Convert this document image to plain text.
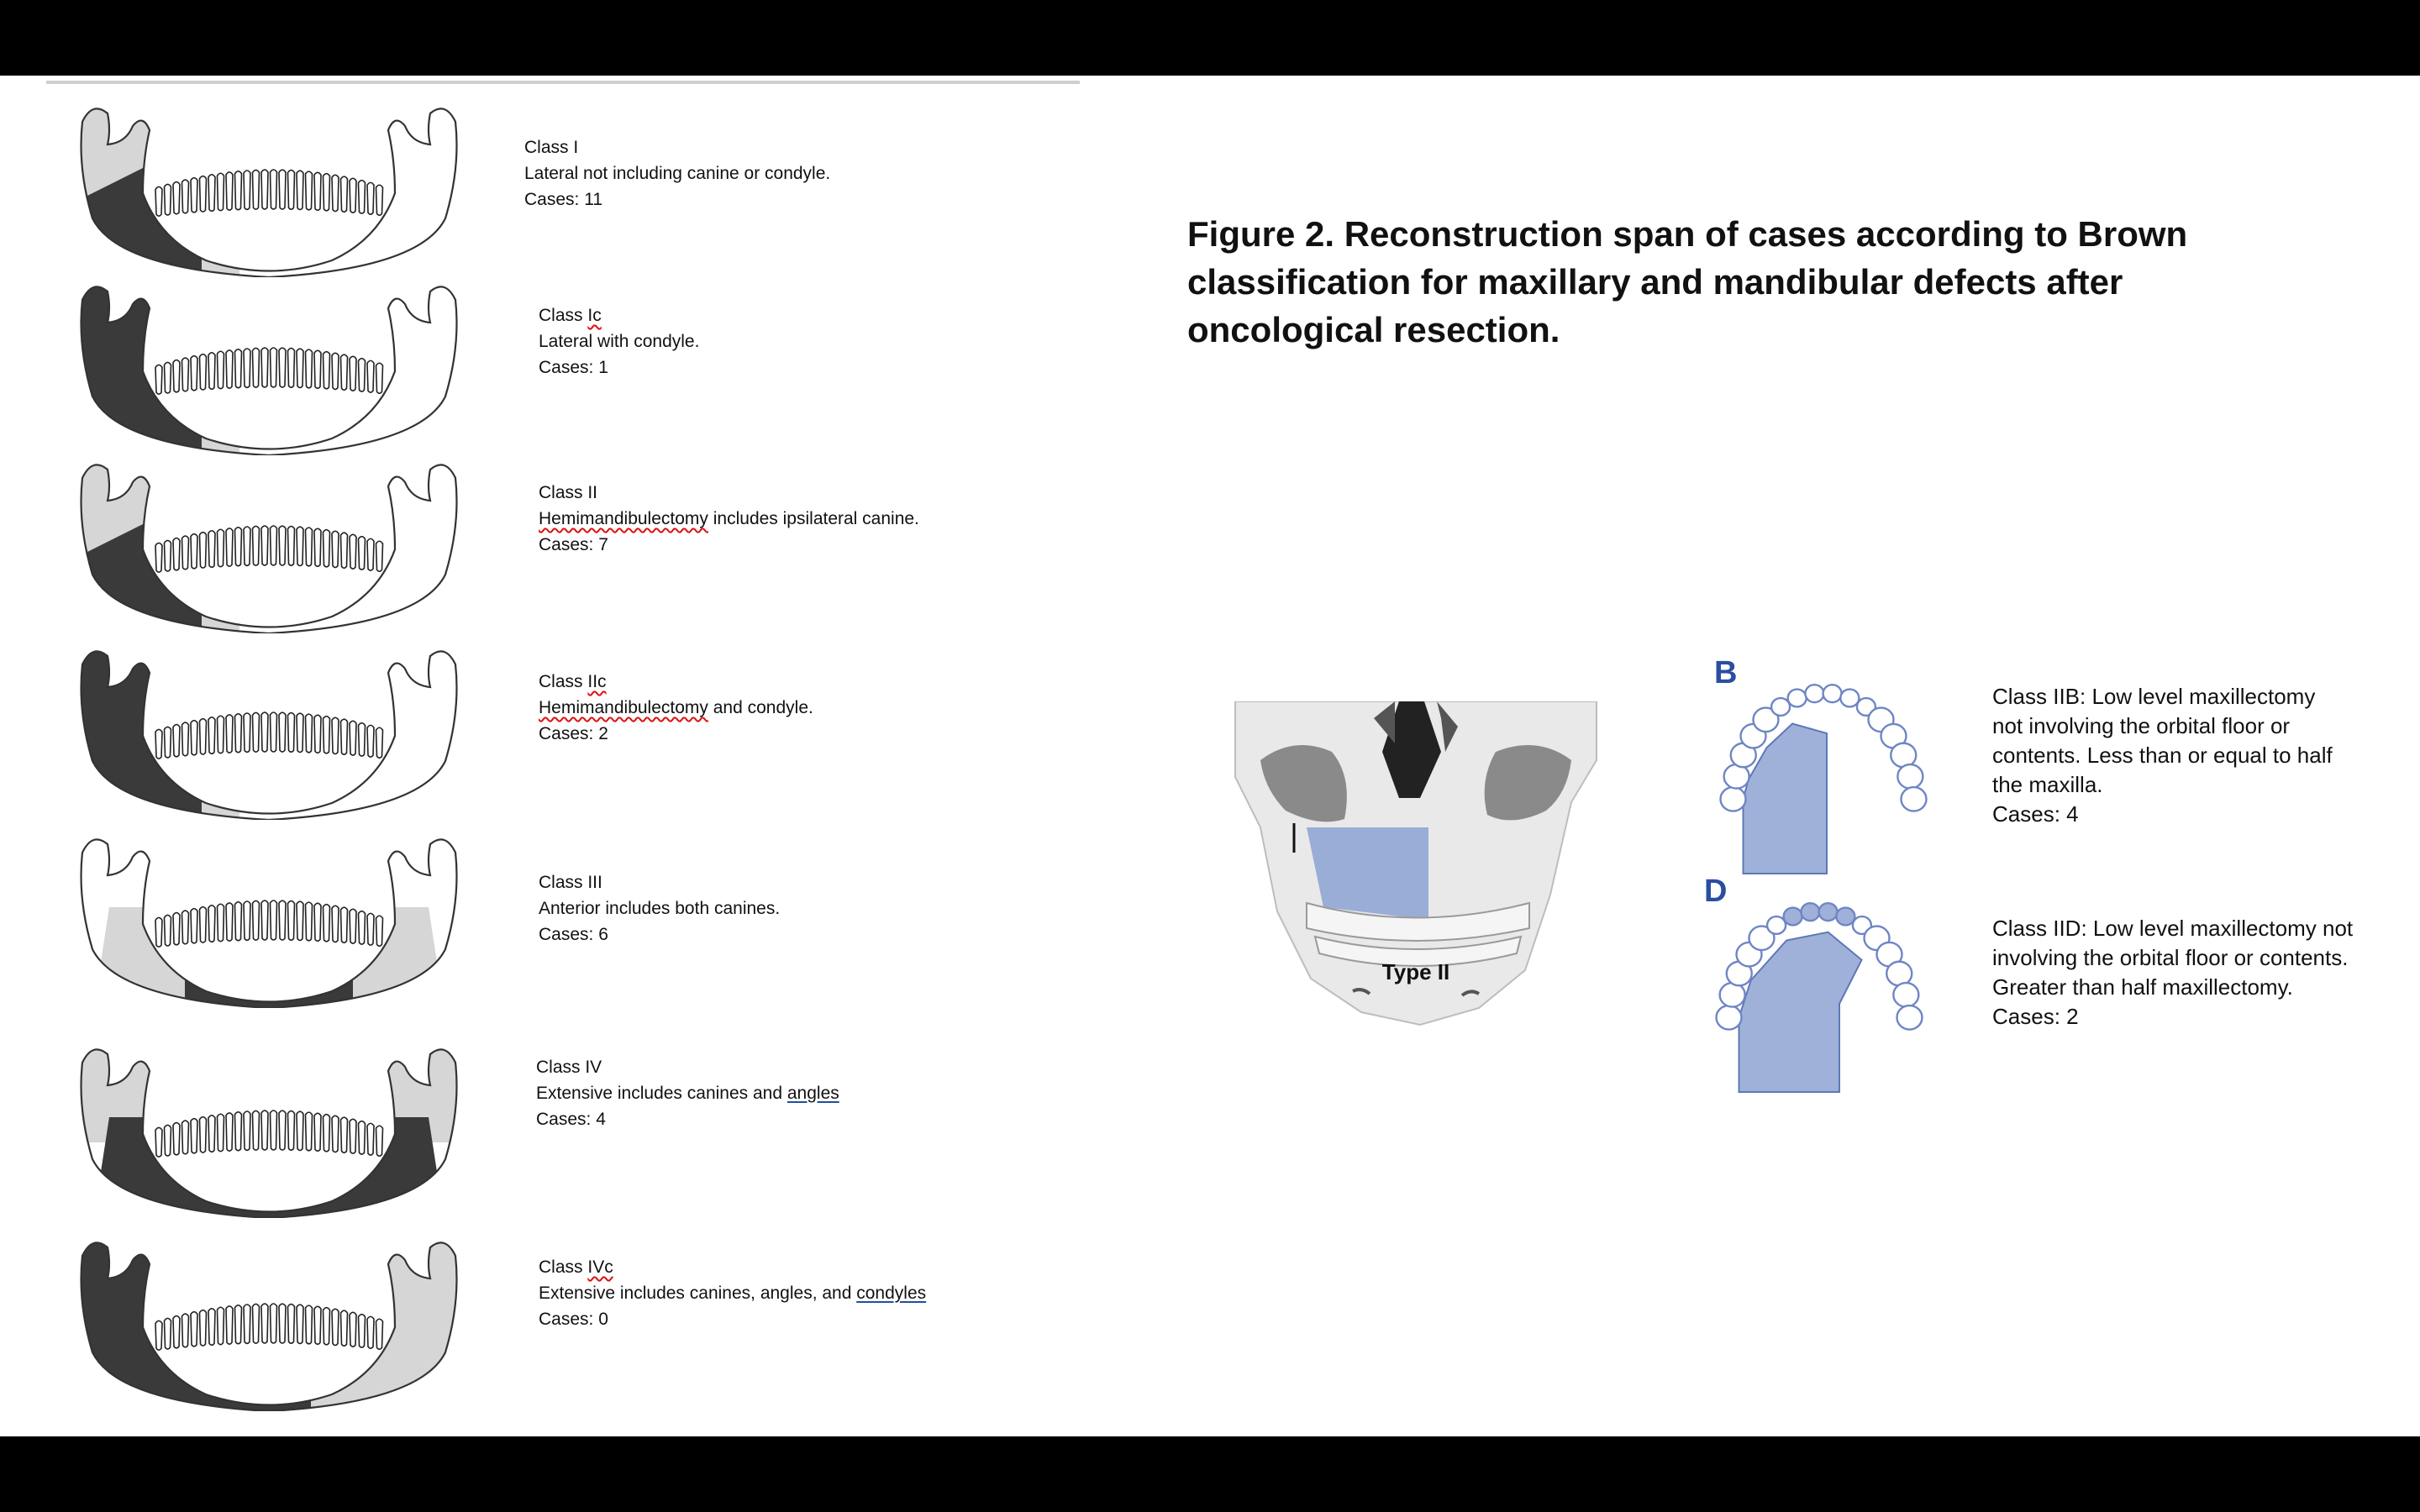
Class I
Lateral not including canine or condyle.
Cases: 11
Class Ic
Lateral with condyle.
Cases: 1
Class II
Hemimandibulectomy includes ipsilateral canine.
Cases: 7
Class IIc
Hemimandibulectomy and condyle.
Cases: 2
Class III
Anterior includes both canines.
Cases: 6
Class IV
Extensive includes canines and angles
Cases: 4
Class IVc
Extensive includes canines, angles, and condyles
Cases: 0
Figure 2. Reconstruction span of cases according to Brown classification for maxillary and mandibular defects after oncological resection.
Type II
B
D
Class IIB: Low level maxillectomy
not involving the orbital floor or
contents. Less than or equal to half
the maxilla.
Cases: 4
Class IID: Low level maxillectomy not
involving the orbital floor or contents.
Greater than half maxillectomy.
Cases: 2
